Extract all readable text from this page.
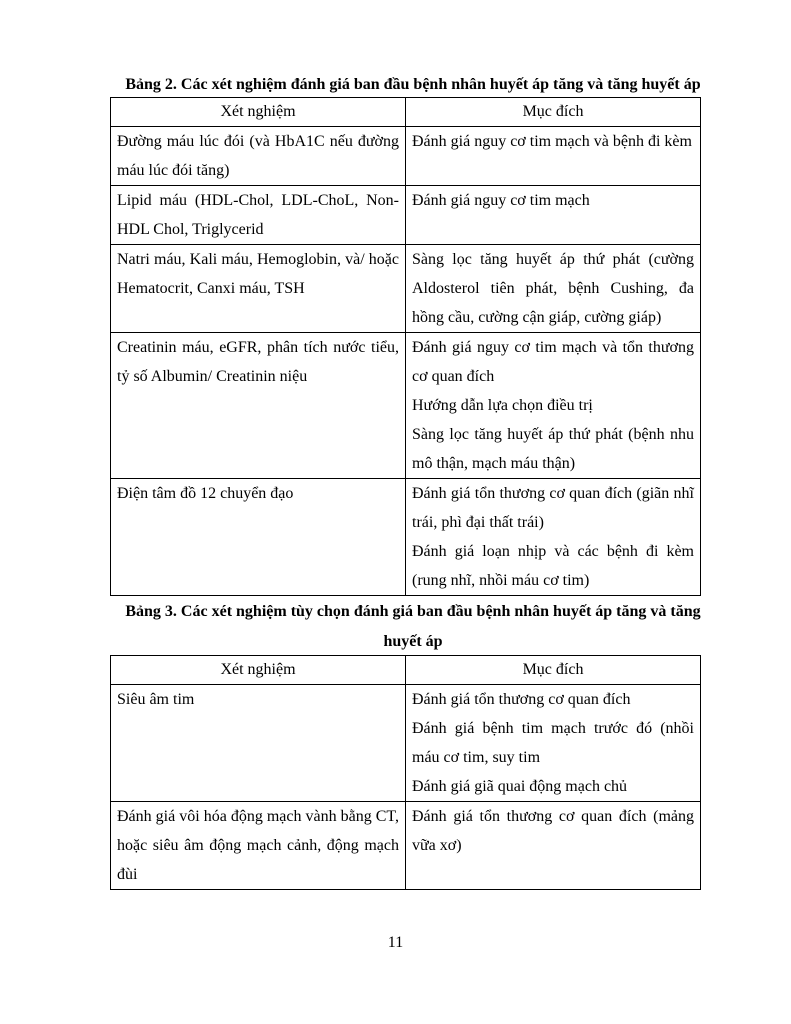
Bảng 2. Các xét nghiệm đánh giá ban đầu bệnh nhân huyết áp tăng và tăng huyết áp
Xét nghiệm	Mục đích
Đường máu lúc đói (và HbA1C nếu đường máu lúc đói tăng)	Đánh giá nguy cơ tim mạch và bệnh đi kèm

Lipid máu (HDL-Chol, LDL-ChoL, Non-HDL Chol, Triglycerid	Đánh giá nguy cơ tim mạch

Natri máu, Kali máu, Hemoglobin, và/ hoặc Hematocrit, Canxi máu, TSH	Sàng lọc tăng huyết áp thứ phát (cường Aldosterol tiên phát, bệnh Cushing, đa hồng cầu, cường cận giáp, cường giáp)

Creatinin máu, eGFR, phân tích nước tiểu, tỷ số Albumin/ Creatinin niệu	Đánh giá nguy cơ tim mạch và tổn thương cơ quan đích
Hướng dẫn lựa chọn điều trị
Sàng lọc tăng huyết áp thứ phát (bệnh nhu mô thận, mạch máu thận)

Điện tâm đồ 12 chuyển đạo	Đánh giá tổn thương cơ quan đích (giãn nhĩ trái, phì đại thất trái)
Đánh giá loạn nhịp và các bệnh đi kèm (rung nhĩ, nhồi máu cơ tim)
Bảng 3. Các xét nghiệm tùy chọn đánh giá ban đầu bệnh nhân huyết áp tăng và tăng
huyết áp
Xét nghiệm	Mục đích
Siêu âm tim	Đánh giá tổn thương cơ quan đích
Đánh giá bệnh tim mạch trước đó (nhồi máu cơ tim, suy tim
Đánh giá giã quai động mạch chủ

Đánh giá vôi hóa động mạch vành bằng CT, hoặc siêu âm động mạch cảnh, động mạch đùi	Đánh giá tổn thương cơ quan đích (mảng vữa xơ)
11
